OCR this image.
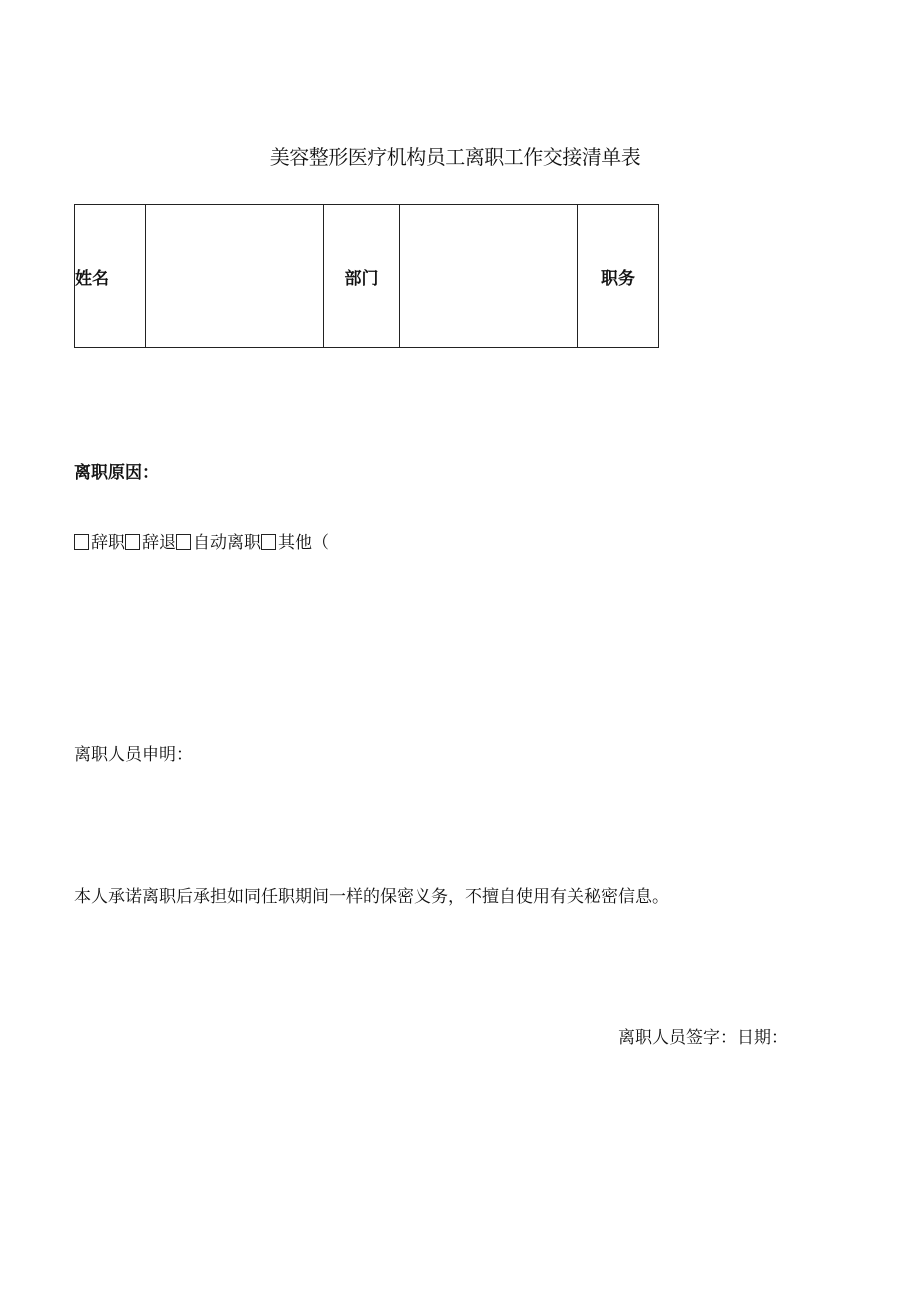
美容整形医疗机构员工离职工作交接清单表
姓名		部门		职务
离职原因：
辞职 辞退 自动离职 其他（
离职人员申明：
本人承诺离职后承担如同任职期间一样的保密义务，不擅自使用有关秘密信息。
离职人员签字：日期：
